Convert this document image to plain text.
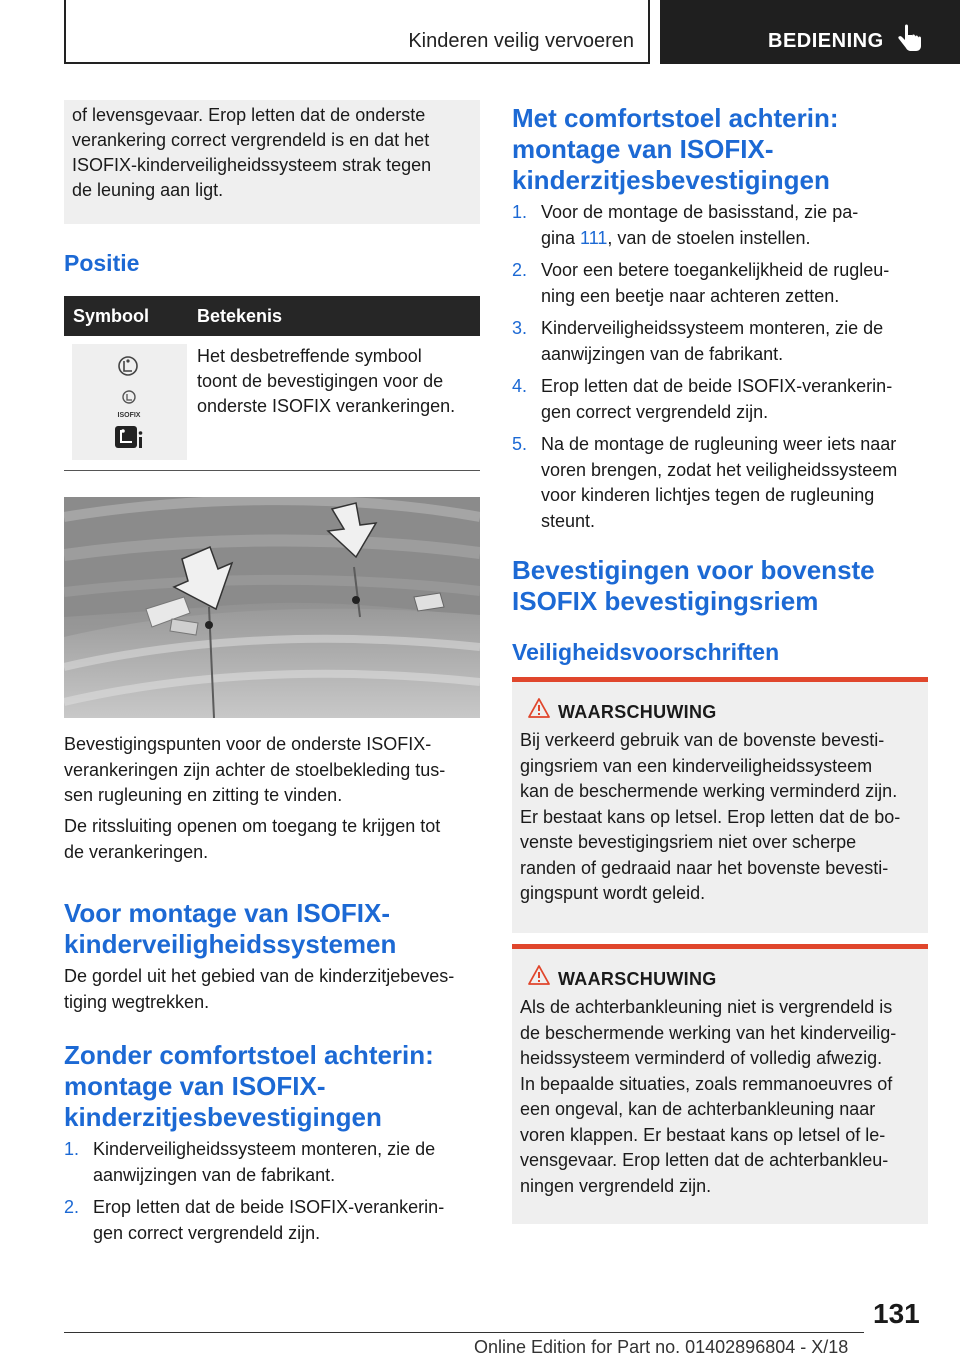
Kinderen veilig vervoeren	BEDIENING
of levensgevaar. Erop letten dat de onderste
verankering correct vergrendeld is en dat het
ISOFIX-kinderveiligheidssysteem strak tegen
de leuning aan ligt.
Positie
Symbool	Betekenis
ISOFIX
Het desbetreffende symbool
toont de bevestigingen voor de
onderste ISOFIX verankeringen.
Bevestigingspunten voor de onderste ISOFIX-
verankeringen zijn achter de stoelbekleding tus-
sen rugleuning en zitting te vinden.
De ritssluiting openen om toegang te krijgen tot
de verankeringen.
Voor montage van ISOFIX-
kinderveiligheidssystemen
De gordel uit het gebied van de kinderzitjebeves-
tiging wegtrekken.
Zonder comfortstoel achterin:
montage van ISOFIX-
kinderzitjesbevestigingen
1. Kinderveiligheidssysteem monteren, zie de
aanwijzingen van de fabrikant.
2. Erop letten dat de beide ISOFIX-verankerin-
gen correct vergrendeld zijn.
Met comfortstoel achterin:
montage van ISOFIX-
kinderzitjesbevestigingen
1. Voor de montage de basisstand, zie pa-
gina 111, van de stoelen instellen.
2. Voor een betere toegankelijkheid de rugleu-
ning een beetje naar achteren zetten.
3. Kinderveiligheidssysteem monteren, zie de
aanwijzingen van de fabrikant.
4. Erop letten dat de beide ISOFIX-verankerin-
gen correct vergrendeld zijn.
5. Na de montage de rugleuning weer iets naar
voren brengen, zodat het veiligheidssysteem
voor kinderen lichtjes tegen de rugleuning
steunt.
Bevestigingen voor bovenste
ISOFIX bevestigingsriem
Veiligheidsvoorschriften
WAARSCHUWING
Bij verkeerd gebruik van de bovenste bevesti-
gingsriem van een kinderveiligheidssysteem
kan de beschermende werking verminderd zijn.
Er bestaat kans op letsel. Erop letten dat de bo-
venste bevestigingsriem niet over scherpe
randen of gedraaid naar het bovenste bevesti-
gingspunt wordt geleid.
WAARSCHUWING
Als de achterbankleuning niet is vergrendeld is
de beschermende werking van het kinderveilig-
heidssysteem verminderd of volledig afwezig.
In bepaalde situaties, zoals remmanoeuvres of
een ongeval, kan de achterbankleuning naar
voren klappen. Er bestaat kans op letsel of le-
vensgevaar. Erop letten dat de achterbankleu-
ningen vergrendeld zijn.
131
Online Edition for Part no. 01402896804 - X/18
